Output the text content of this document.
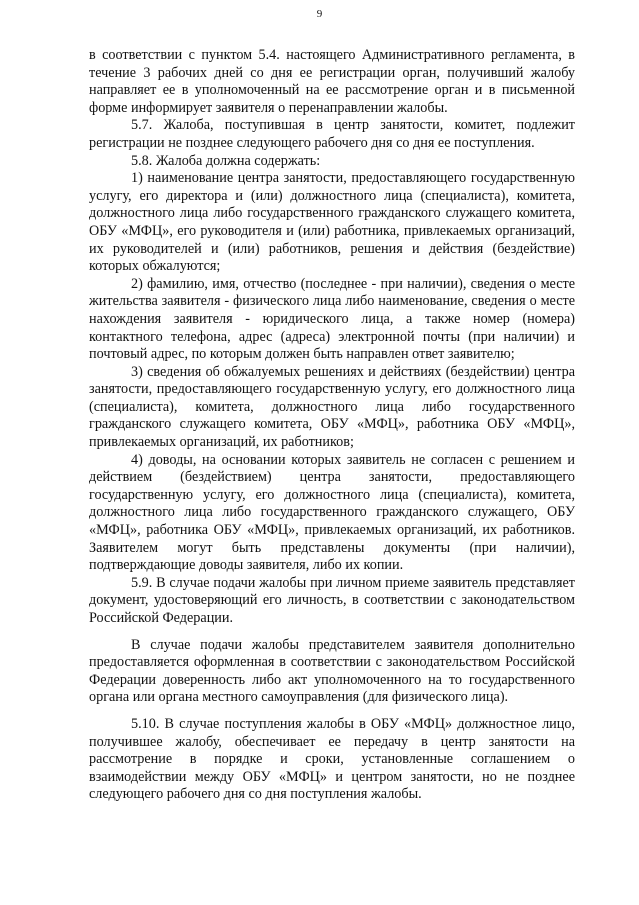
9

в соответствии с пунктом 5.4. настоящего Административного регламента, в течение 3 рабочих дней со дня ее регистрации орган, получивший жалобу направляет ее в уполномоченный на ее рассмотрение орган и в письменной форме информирует заявителя о перенаправлении жалобы.

5.7. Жалоба, поступившая в центр занятости, комитет, подлежит регистрации не позднее следующего рабочего дня со дня ее поступления.

5.8. Жалоба должна содержать:

1) наименование центра занятости, предоставляющего государственную услугу, его директора и (или) должностного лица (специалиста), комитета, должностного лица либо государственного гражданского служащего комитета, ОБУ «МФЦ», его руководителя и (или) работника, привлекаемых организаций, их руководителей и (или) работников, решения и действия (бездействие) которых обжалуются;

2) фамилию, имя, отчество (последнее - при наличии), сведения о месте жительства заявителя - физического лица либо наименование, сведения о месте нахождения заявителя - юридического лица, а также номер (номера) контактного телефона, адрес (адреса) электронной почты (при наличии) и почтовый адрес, по которым должен быть направлен ответ заявителю;

3) сведения об обжалуемых решениях и действиях (бездействии) центра занятости, предоставляющего государственную услугу, его должностного лица (специалиста), комитета, должностного лица либо государственного гражданского служащего комитета, ОБУ «МФЦ», работника ОБУ «МФЦ», привлекаемых организаций, их работников;

4) доводы, на основании которых заявитель не согласен с решением и действием (бездействием) центра занятости, предоставляющего государственную услугу, его должностного лица (специалиста), комитета, должностного лица либо государственного гражданского служащего, ОБУ «МФЦ», работника ОБУ «МФЦ», привлекаемых организаций, их работников. Заявителем могут быть представлены документы (при наличии), подтверждающие доводы заявителя, либо их копии.

5.9. В случае подачи жалобы при личном приеме заявитель представляет документ, удостоверяющий его личность, в соответствии с законодательством Российской Федерации.

В случае подачи жалобы представителем заявителя дополнительно предоставляется оформленная в соответствии с законодательством Российской Федерации доверенность либо акт уполномоченного на то государственного органа или органа местного самоуправления (для физического лица).

5.10. В случае поступления жалобы в ОБУ «МФЦ» должностное лицо, получившее жалобу, обеспечивает ее передачу в центр занятости на рассмотрение в порядке и сроки, установленные соглашением о взаимодействии между ОБУ «МФЦ» и центром занятости, но не позднее следующего рабочего дня со дня поступления жалобы.
